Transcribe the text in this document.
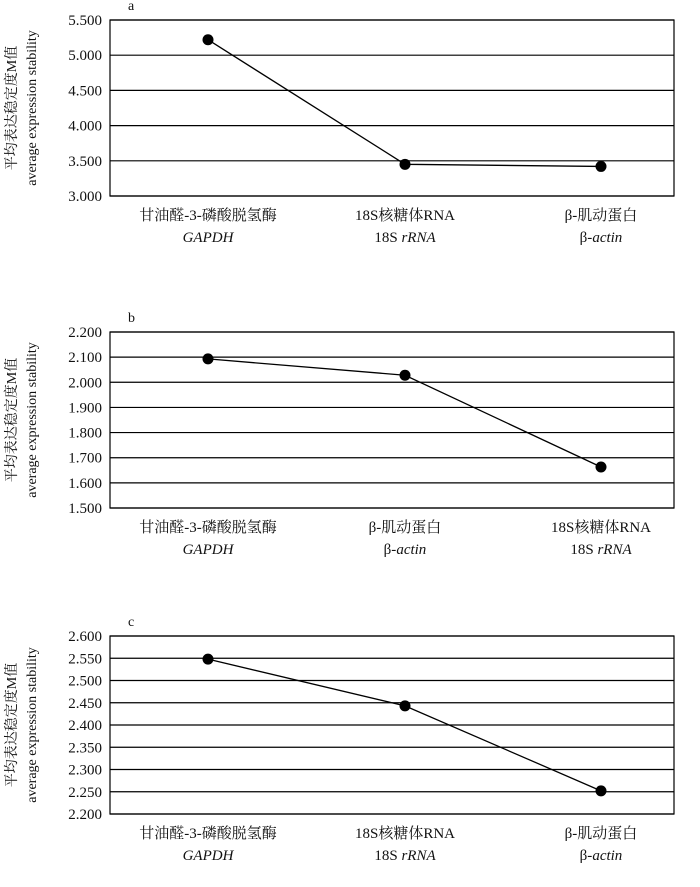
3.000
3.500
4.000
4.500
5.000
5.500
a
平均表达稳定度M值 average expression stability
甘油醛-3-磷酸脱氢酶
GAPDH
18S核糖体RNA
18S rRNA
β-肌动蛋白
β-actin
1.500
1.600
1.700
1.800
1.900
2.000
2.100
2.200
b
平均表达稳定度M值 average expression stability
甘油醛-3-磷酸脱氢酶
GAPDH
β-肌动蛋白
β-actin
18S核糖体RNA
18S rRNA
2.200
2.250
2.300
2.350
2.400
2.450
2.500
2.550
2.600
c
平均表达稳定度M值 average expression stability
甘油醛-3-磷酸脱氢酶
GAPDH
18S核糖体RNA
18S rRNA
β-肌动蛋白
β-actin
